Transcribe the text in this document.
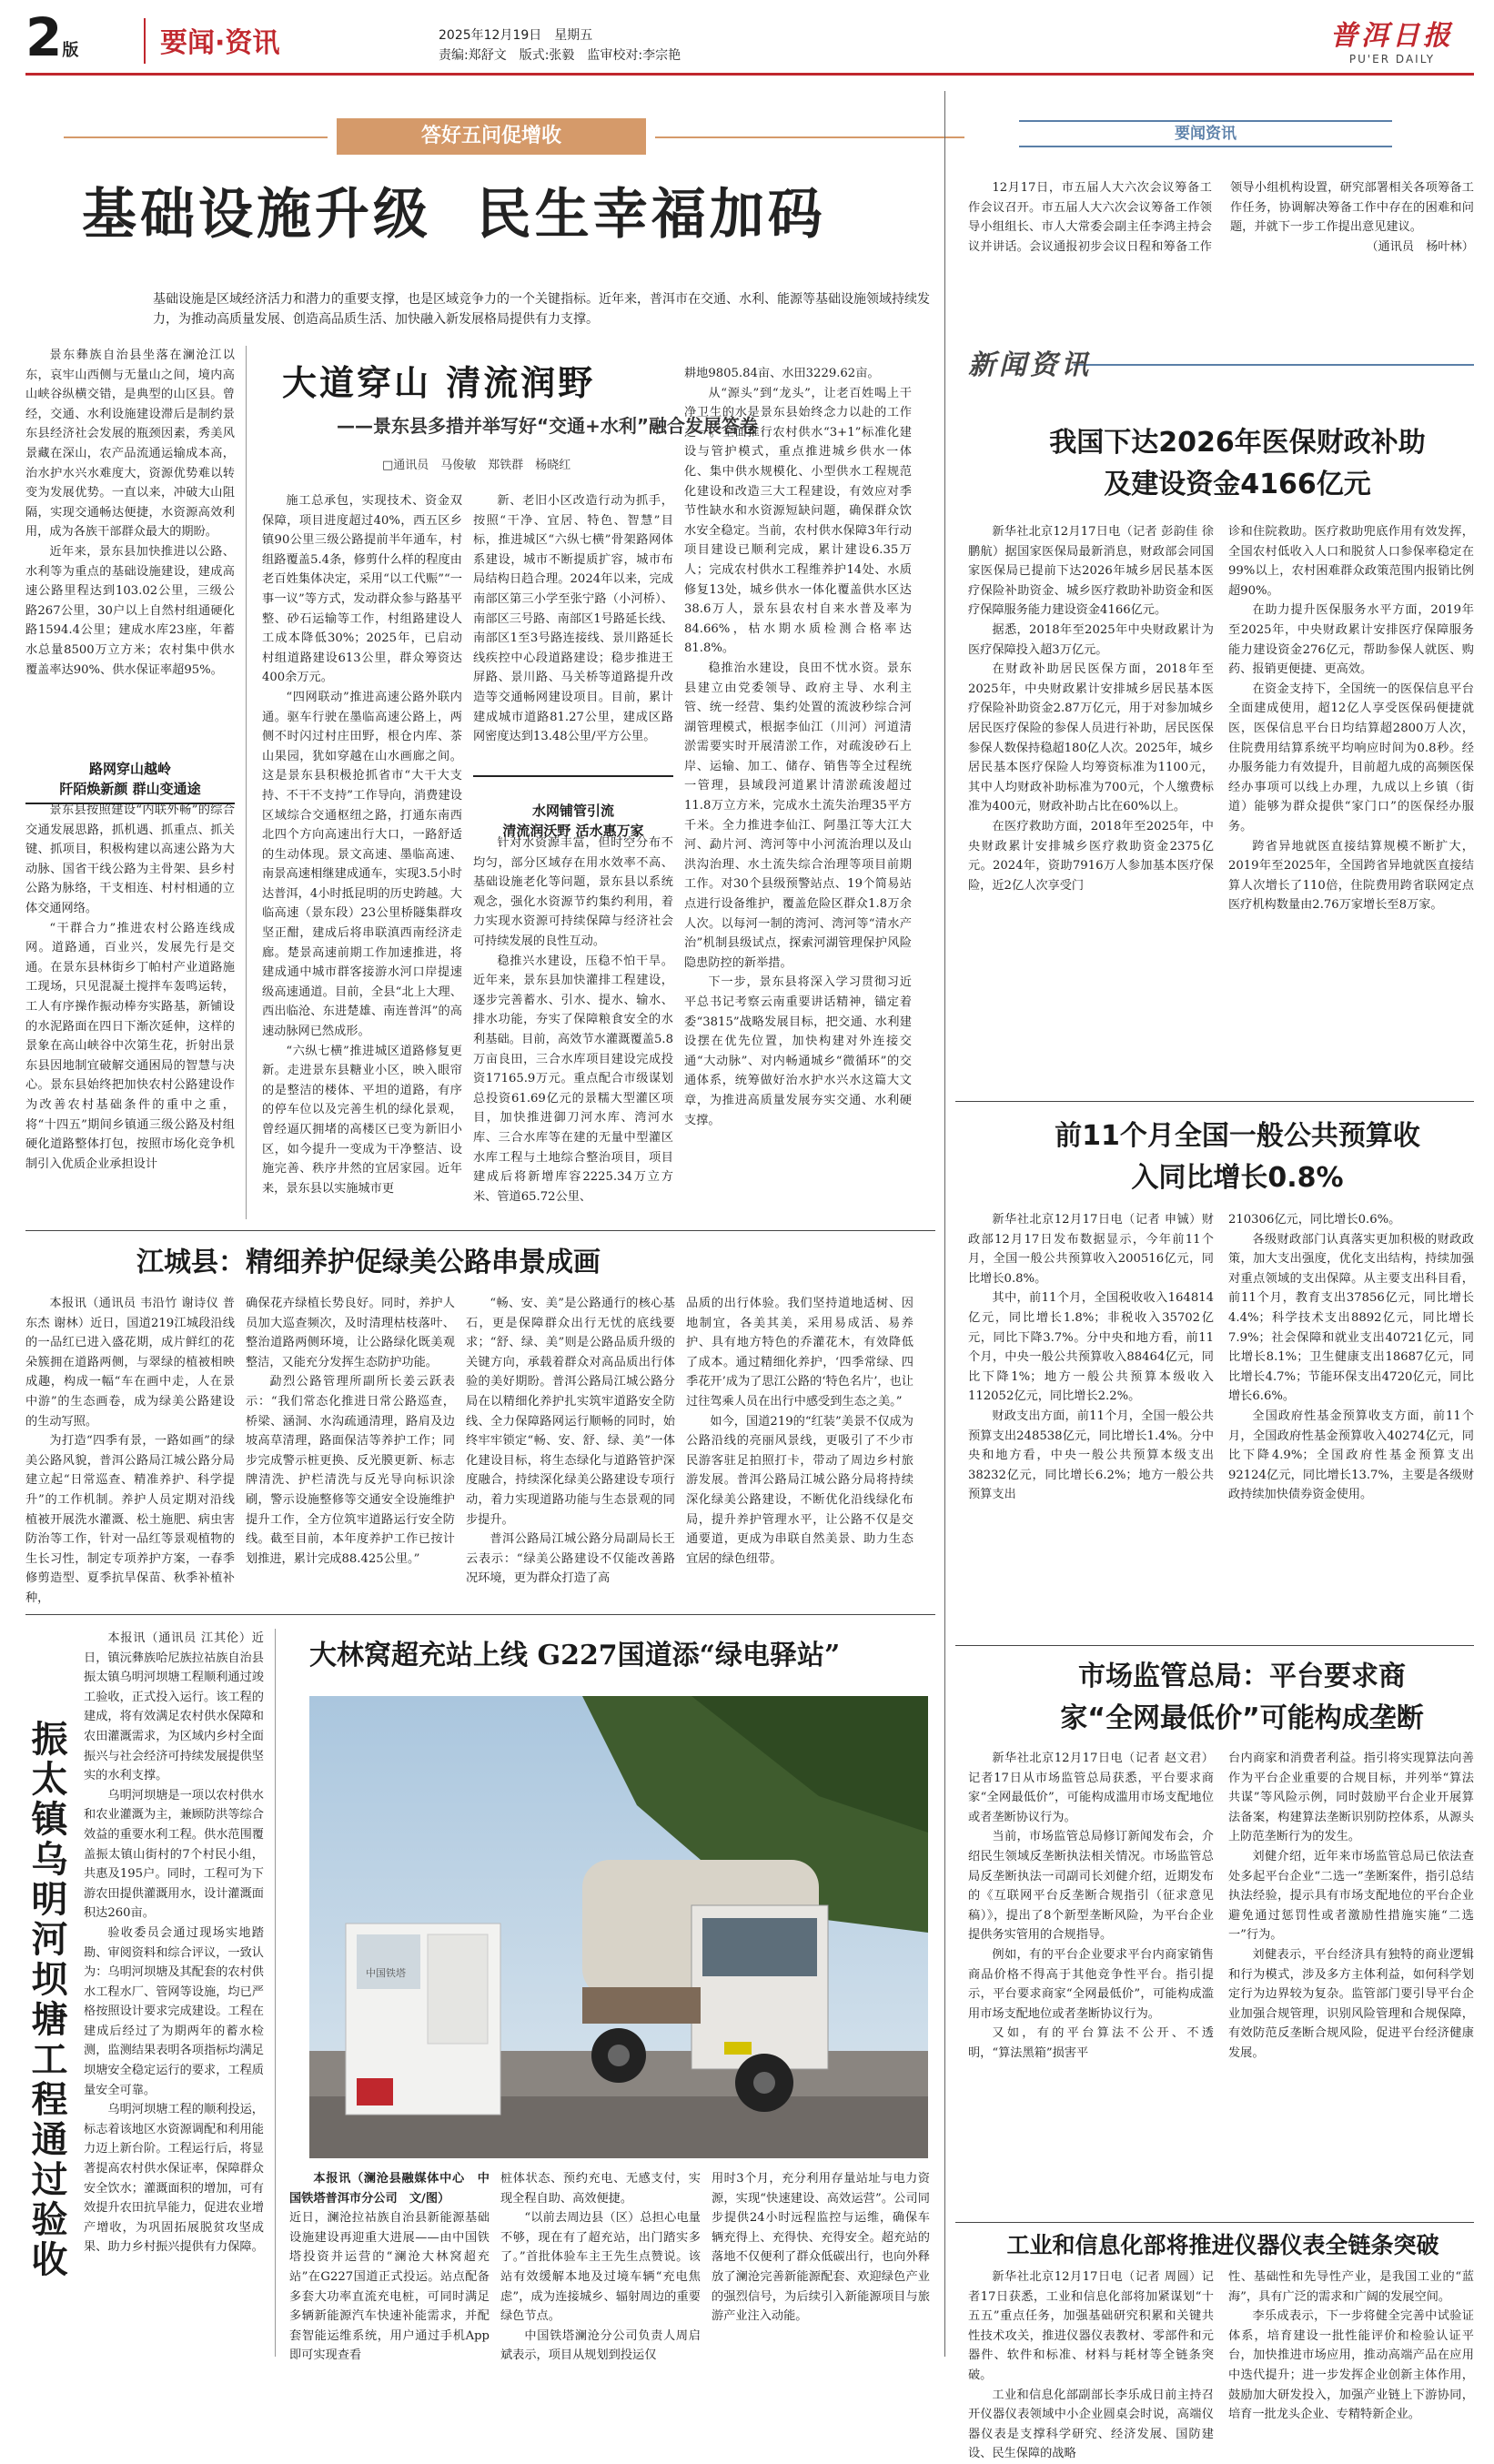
2版	要闻·资讯	2025年12月19日　星期五
责编:郑舒文　版式:张毅　监审校对:李宗艳
普洱日报
PU'ER DAILY
答好五问促增收
基础设施升级  民生幸福加码
基础设施是区域经济活力和潜力的重要支撑，也是区域竞争力的一个关键指标。近年来，普洱市在交通、水利、能源等基础设施领域持续发力，为推动高质量发展、创造高品质生活、加快融入新发展格局提供有力支撑。

景东彝族自治县坐落在澜沧江以东，哀牢山西侧与无量山之间，境内高山峡谷纵横交错，是典型的山区县。曾经，交通、水利设施建设滞后是制约景东县经济社会发展的瓶颈因素，秀美风景藏在深山，农产品流通运输成本高，治水护水兴水难度大，资源优势难以转变为发展优势。一直以来，冲破大山阻隔，实现交通畅达便捷，水资源高效利用，成为各族干部群众最大的期盼。

近年来，景东县加快推进以公路、水利等为重点的基础设施建设，建成高速公路里程达到103.02公里，三级公路267公里，30户以上自然村组通硬化路1594.4公里；建成水库23座，年蓄水总量8500万立方米；农村集中供水覆盖率达90%、供水保证率超95%。

路网穿山越岭
阡陌焕新颜 群山变通途

景东县按照建设“内联外畅”的综合交通发展思路，抓机遇、抓重点、抓关键、抓项目，积极构建以高速公路为大动脉、国省干线公路为主骨架、县乡村公路为脉络，干支相连、村村相通的立体交通网络。

“干群合力”推进农村公路连线成网。道路通，百业兴，发展先行是交通。在景东县林街乡丁帕村产业道路施工现场，只见混凝土搅拌车轰鸣运转，工人有序操作振动棒夯实路基，新铺设的水泥路面在四日下渐次延伸，这样的景象在高山峡谷中次第生花，折射出景东县因地制宜破解交通困局的智慧与决心。景东县始终把加快农村公路建设作为改善农村基础条件的重中之重，将“十四五”期间乡镇通三级公路及村组硬化道路整体打包，按照市场化竞争机制引入优质企业承担设计

大道穿山 清流润野
——景东县多措并举写好“交通+水利”融合发展答卷
□通讯员　马俊敏　郑铁群　杨晓红

施工总承包，实现技术、资金双保障，项目进度超过40%，西五区乡镇90公里三级公路提前半年通车，村组路覆盖5.4条，修剪什么样的程度由老百姓集体决定，采用“以工代赈”“一事一议”等方式，发动群众参与路基平整、砂石运输等工作，村组路建设人工成本降低30%；2025年，已启动村组道路建设613公里，群众筹资达400余万元。

“四网联动”推进高速公路外联内通。驱车行驶在墨临高速公路上，两侧不时闪过村庄田野，根仓内库、茶山果园，犹如穿越在山水画廊之间。这是景东县积极抢抓省市“大干大支持、不干不支持”工作导向，消费建设区域综合交通枢纽之路，打通东南西北四个方向高速出行大口，一路舒适的生动体现。景文高速、墨临高速、南景高速相继建成通车，实现3.5小时达普洱，4小时抵昆明的历史跨越。大临高速（景东段）23公里桥隧集群攻坚正酣，建成后将串联滇西南经济走廊。楚景高速前期工作加速推进，将建成通中城市群客接游水河口岸提速级高速通道。目前，全县“北上大理、西出临沧、东进楚雄、南连普洱”的高速动脉网已然成形。

“六纵七横”推进城区道路修复更新。走进景东县糖业小区，映入眼帘的是整洁的楼体、平坦的道路，有序的停车位以及完善生机的绿化景观，曾经逼仄拥堵的高楼区已变为新旧小区，如今提升一变成为干净整洁、设施完善、秩序井然的宜居家园。近年来，景东县以实施城市更

新、老旧小区改造行动为抓手，按照“干净、宜居、特色、智慧”目标，推进城区“六纵七横”骨架路网体系建设，城市不断提质扩容，城市布局结构日趋合理。2024年以来，完成南部区第三小学至张宁路（小河桥）、南部区三号路、南部区1号路延长线、南部区1至3号路连接线、景川路延长线疾控中心段道路建设；稳步推进王屏路、景川路、马关桥等道路提升改造等交通畅网建设项目。目前，累计建成城市道路81.27公里，建成区路网密度达到13.48公里/平方公里。

水网铺管引流
清流润沃野 活水惠万家

针对水资源丰富，但时空分布不均匀，部分区域存在用水效率不高、基础设施老化等问题，景东县以系统观念，强化水资源节约集约利用，着力实现水资源可持续保障与经济社会可持续发展的良性互动。

稳推兴水建设，压稳不怕干旱。近年来，景东县加快灌排工程建设，逐步完善蓄水、引水、提水、输水、排水功能，夯实了保障粮食安全的水利基础。目前，高效节水灌溉覆盖5.8万亩良田，三合水库项目建设完成投资17165.9万元。重点配合市级谋划总投资61.69亿元的景糯大型灌区项目，加快推进御刀河水库、湾河水库、三合水库等在建的无量中型灌区水库工程与土地综合整治项目，项目建成后将新增库容2225.34万立方米、管道65.72公里、

耕地9805.84亩、水田3229.62亩。

从“源头”到“龙头”，让老百姓喝上干净卫生的水是景东县始终念力以赴的工作之一。全面推行农村供水“3+1”标准化建设与管护模式，重点推进城乡供水一体化、集中供水规模化、小型供水工程规范化建设和改造三大工程建设，有效应对季节性缺水和水资源短缺问题，确保群众饮水安全稳定。当前，农村供水保障3年行动项目建设已顺利完成，累计建设6.35万人；完成农村供水工程维养护14处、水质修复13处，城乡供水一体化覆盖供水区达38.6万人，景东县农村自来水普及率为84.66%，枯水期水质检测合格率达81.8%。

稳推治水建设，良田不忧水资。景东县建立由党委领导、政府主导、水利主管、统一经营、集约处置的流波秒综合河湖管理模式，根据李仙江（川河）河道清淤需要实时开展清淤工作，对疏浚砂石上岸、运输、加工、储存、销售等全过程统一管理，县域段河道累计清淤疏浚超过11.8万立方米，完成水土流失治理35平方千米。全力推进李仙江、阿墨江等大江大河、勐片河、湾河等中小河流治理以及山洪沟治理、水土流失综合治理等项目前期工作。对30个县级预警站点、19个简易站点进行设备维护，覆盖危险区群众1.8万余人次。以每河一制的湾河、湾河等“清水产治”机制县级试点，探索河湖管理保护风险隐患防控的新举措。

下一步，景东县将深入学习贯彻习近平总书记考察云南重要讲话精神，锚定着委“3815”战略发展目标，把交通、水利建设摆在优先位置，加快构建对外连接交通“大动脉”、对内畅通城乡“微循环”的交通体系，统筹做好治水护水兴水这篇大文章，为推进高质量发展夯实交通、水利硬支撑。

江城县：精细养护促绿美公路串景成画

本报讯（通讯员 韦沿竹 谢诗仪 普东杰 谢林）近日，国道219江城段沿线的一品红已进入盛花期，成片鲜红的花朵簇拥在道路两侧，与翠绿的植被相映成趣，构成一幅“车在画中走，人在景中游”的生态画卷，成为绿美公路建设的生动写照。

为打造“四季有景，一路如画”的绿美公路风貌，普洱公路局江城公路分局建立起“日常巡查、精准养护、科学提升”的工作机制。养护人员定期对沿线植被开展洗水灌溉、松土施肥、病虫害防治等工作，针对一品红等景观植物的生长习性，制定专项养护方案，一春季修剪造型、夏季抗旱保苗、秋季补植补种，

确保花卉绿植长势良好。同时，养护人员加大巡查频次，及时清理枯枝落叶、整治道路两侧环境，让公路绿化既美观整洁，又能充分发挥生态防护功能。

勐烈公路管理所副所长姜云跃表示：“我们常态化推进日常公路巡查，桥梁、涵洞、水沟疏通清理，路肩及边坡高草清理，路面保洁等养护工作；同步完成警示桩更换、反光膜更新、标志牌清洗、护栏清洗与反光导向标识涂刷，警示设施整修等交通安全设施维护提升工作，全方位筑牢道路运行安全防线。截至目前，本年度养护工作已按计划推进，累计完成88.425公里。”

“畅、安、美”是公路通行的核心基石，更是保障群众出行无忧的底线要求；“舒、绿、美”则是公路品质升级的关键方向，承载着群众对高品质出行体验的美好期盼。普洱公路局江城公路分局在以精细化养护扎实筑牢道路安全防线、全力保障路网运行顺畅的同时，始终牢牢锁定“畅、安、舒、绿、美”一体化建设目标，将生态绿化与道路管护深度融合，持续深化绿美公路建设专项行动，着力实现道路功能与生态景观的同步提升。

普洱公路局江城公路分局副局长王云表示：“绿美公路建设不仅能改善路况环境，更为群众打造了高

品质的出行体验。我们坚持道地适树、因地制宜，各美其美，采用易成活、易养护、具有地方特色的乔灌花木，有效降低了成本。通过精细化养护，‘四季常绿、四季花开’成为了思江公路的‘特色名片’，也让过往驾乘人员在出行中感受到生态之美。”

如今，国道219的“红装”美景不仅成为公路沿线的亮丽风景线，更吸引了不少市民游客驻足拍照打卡，带动了周边乡村旅游发展。普洱公路局江城公路分局将持续深化绿美公路建设，不断优化沿线绿化布局，提升养护管理水平，让公路不仅是交通要道，更成为串联自然美景、助力生态宜居的绿色纽带。

振太镇乌明河坝塘工程通过验收

本报讯（通讯员 江其伦）近日，镇沅彝族哈尼族拉祜族自治县振太镇乌明河坝塘工程顺利通过竣工验收，正式投入运行。该工程的建成，将有效满足农村供水保障和农田灌溉需求，为区域内乡村全面振兴与社会经济可持续发展提供坚实的水利支撑。

乌明河坝塘是一项以农村供水和农业灌溉为主，兼顾防洪等综合效益的重要水利工程。供水范围覆盖振太镇山街村的7个村民小组，共惠及195户。同时，工程可为下游农田提供灌溉用水，设计灌溉面积达260亩。

验收委员会通过现场实地踏勘、审阅资料和综合评议，一致认为：乌明河坝塘及其配套的农村供水工程水厂、管网等设施，均已严格按照设计要求完成建设。工程在建成后经过了为期两年的蓄水检测，监测结果表明各项指标均满足坝塘安全稳定运行的要求，工程质量安全可靠。

乌明河坝塘工程的顺利投运，标志着该地区水资源调配和利用能力迈上新台阶。工程运行后，将显著提高农村供水保证率，保障群众安全饮水；灌溉面积的增加，可有效提升农田抗旱能力，促进农业增产增收，为巩固拓展脱贫攻坚成果、助力乡村振兴提供有力保障。

大林窝超充站上线 G227国道添“绿电驿站”
中国铁塔

本报讯（澜沧县融媒体中心　中国铁塔普洱市分公司　文/图）

近日，澜沧拉祜族自治县新能源基础设施建设再迎重大进展——由中国铁塔投资并运营的“澜沧大林窝超充站”在G227国道正式投运。站点配备多套大功率直流充电桩，可同时满足多辆新能源汽车快速补能需求，并配套智能运维系统，用户通过手机App即可实现查看

桩体状态、预约充电、无感支付，实现全程自助、高效便捷。

“以前去周边县（区）总担心电量不够，现在有了超充站，出门踏实多了。”首批体验车主王先生点赞说。该站有效缓解本地及过境车辆“充电焦虑”，成为连接城乡、辐射周边的重要绿色节点。

中国铁塔澜沧分公司负责人周启斌表示，项目从规划到投运仅

用时3个月，充分利用存量站址与电力资源，实现“快速建设、高效运营”。公司同步提供24小时远程监控与运维，确保车辆充得上、充得快、充得安全。超充站的落地不仅便利了群众低碳出行，也向外释放了澜沧完善新能源配套、欢迎绿色产业的强烈信号，为后续引入新能源项目与旅游产业注入动能。

要闻资讯

12月17日，市五届人大六次会议筹备工作会议召开。市五届人大六次会议筹备工作领导小组组长、市人大常委会副主任李鸿主持会议并讲话。会议通报初步会议日程和筹备工作领导小组机构设置，研究部署相关各项筹备工作任务，协调解决筹备工作中存在的困难和问题，并就下一步工作提出意见建议。

（通讯员　杨叶林）

新闻资讯
我国下达2026年医保财政补助及建设资金4166亿元

新华社北京12月17日电（记者 彭韵佳 徐鹏航）据国家医保局最新消息，财政部会同国家医保局已提前下达2026年城乡居民基本医疗保险补助资金、城乡医疗救助补助资金和医疗保障服务能力建设资金4166亿元。

据悉，2018年至2025年中央财政累计为医疗保障投入超3万亿元。

在财政补助居民医保方面，2018年至2025年，中央财政累计安排城乡居民基本医疗保险补助资金2.87万亿元，用于对参加城乡居民医疗保险的参保人员进行补助，居民医保参保人数保持稳超180亿人次。2025年，城乡居民基本医疗保险人均筹资标准为1100元，其中人均财政补助标准为700元，个人缴费标准为400元，财政补助占比在60%以上。

在医疗救助方面，2018年至2025年，中央财政累计安排城乡医疗救助资金2375亿元。2024年，资助7916万人参加基本医疗保险，近2亿人次享受门

诊和住院救助。医疗救助兜底作用有效发挥，全国农村低收入人口和脱贫人口参保率稳定在99%以上，农村困难群众政策范围内报销比例超90%。

在助力提升医保服务水平方面，2019年至2025年，中央财政累计安排医疗保障服务能力建设资金276亿元，帮助参保人就医、购药、报销更便捷、更高效。

在资金支持下，全国统一的医保信息平台全面建成使用，超12亿人享受医保码便捷就医，医保信息平台日均结算超2800万人次，住院费用结算系统平均响应时间为0.8秒。经办服务能力有效提升，目前超九成的高频医保经办事项可以线上办理，九成以上乡镇（街道）能够为群众提供“家门口”的医保经办服务。

跨省异地就医直接结算规模不断扩大，2019年至2025年，全国跨省异地就医直接结算人次增长了110倍，住院费用跨省联网定点医疗机构数量由2.76万家增长至8万家。

前11个月全国一般公共预算收入同比增长0.8%

新华社北京12月17日电（记者 申铖）财政部12月17日发布数据显示，今年前11个月，全国一般公共预算收入200516亿元，同比增长0.8%。

其中，前11个月，全国税收收入164814亿元，同比增长1.8%；非税收入35702亿元，同比下降3.7%。分中央和地方看，前11个月，中央一般公共预算收入88464亿元，同比下降1%；地方一般公共预算本级收入112052亿元，同比增长2.2%。

财政支出方面，前11个月，全国一般公共预算支出248538亿元，同比增长1.4%。分中央和地方看，中央一般公共预算本级支出38232亿元，同比增长6.2%；地方一般公共预算支出

210306亿元，同比增长0.6%。

各级财政部门认真落实更加积极的财政政策，加大支出强度，优化支出结构，持续加强对重点领域的支出保障。从主要支出科目看，前11个月，教育支出37856亿元，同比增长4.4%；科学技术支出8892亿元，同比增长7.9%；社会保障和就业支出40721亿元，同比增长8.1%；卫生健康支出18687亿元，同比增长4.7%；节能环保支出4720亿元，同比增长6.6%。

全国政府性基金预算收支方面，前11个月，全国政府性基金预算收入40274亿元，同比下降4.9%；全国政府性基金预算支出92124亿元，同比增长13.7%，主要是各级财政持续加快债券资金使用。

市场监管总局：平台要求商家“全网最低价”可能构成垄断

新华社北京12月17日电（记者 赵文君）记者17日从市场监管总局获悉，平台要求商家“全网最低价”，可能构成滥用市场支配地位或者垄断协议行为。

当前，市场监管总局修订新闻发布会，介绍民生领域反垄断执法相关情况。市场监管总局反垄断执法一司副司长刘健介绍，近期发布的《互联网平台反垄断合规指引（征求意见稿）》，提出了8个新型垄断风险，为平台企业提供务实管用的合规指导。

例如，有的平台企业要求平台内商家销售商品价格不得高于其他竞争性平台。指引提示，平台要求商家“全网最低价”，可能构成滥用市场支配地位或者垄断协议行为。

又如，有的平台算法不公开、不透明，“算法黑箱”损害平

台内商家和消费者利益。指引将实现算法向善作为平台企业重要的合规目标，并列举“算法共谋”等风险示例，同时鼓励平台企业开展算法备案，构建算法垄断识别防控体系，从源头上防范垄断行为的发生。

刘健介绍，近年来市场监管总局已依法查处多起平台企业“二选一”垄断案件，指引总结执法经验，提示具有市场支配地位的平台企业避免通过惩罚性或者激励性措施实施“二选一”行为。

刘健表示，平台经济具有独特的商业逻辑和行为模式，涉及多方主体利益，如何科学划定行为边界较为复杂。监管部门要引导平台企业加强合规管理，识别风险管理和合规保障，有效防范反垄断合规风险，促进平台经济健康发展。

工业和信息化部将推进仪器仪表全链条突破

新华社北京12月17日电（记者 周圆）记者17日获悉，工业和信息化部将加紧谋划“十五五”重点任务，加强基础研究积累和关键共性技术攻关，推进仪器仪表教材、零部件和元器件、软件和标准、材料与耗材等全链条突破。

工业和信息化部副部长李乐成日前主持召开仪器仪表领域中小企业圆桌会时说，高端仪器仪表是支撑科学研究、经济发展、国防建设、民生保障的战略

性、基础性和先导性产业，是我国工业的“蓝海”，具有广泛的需求和广阔的发展空间。

李乐成表示，下一步将健全完善中试验证体系，培育建设一批性能评价和检验认证平台，加快推进市场应用，推动高端产品在应用中迭代提升；进一步发挥企业创新主体作用，鼓励加大研发投入，加强产业链上下游协同，培育一批龙头企业、专精特新企业。
